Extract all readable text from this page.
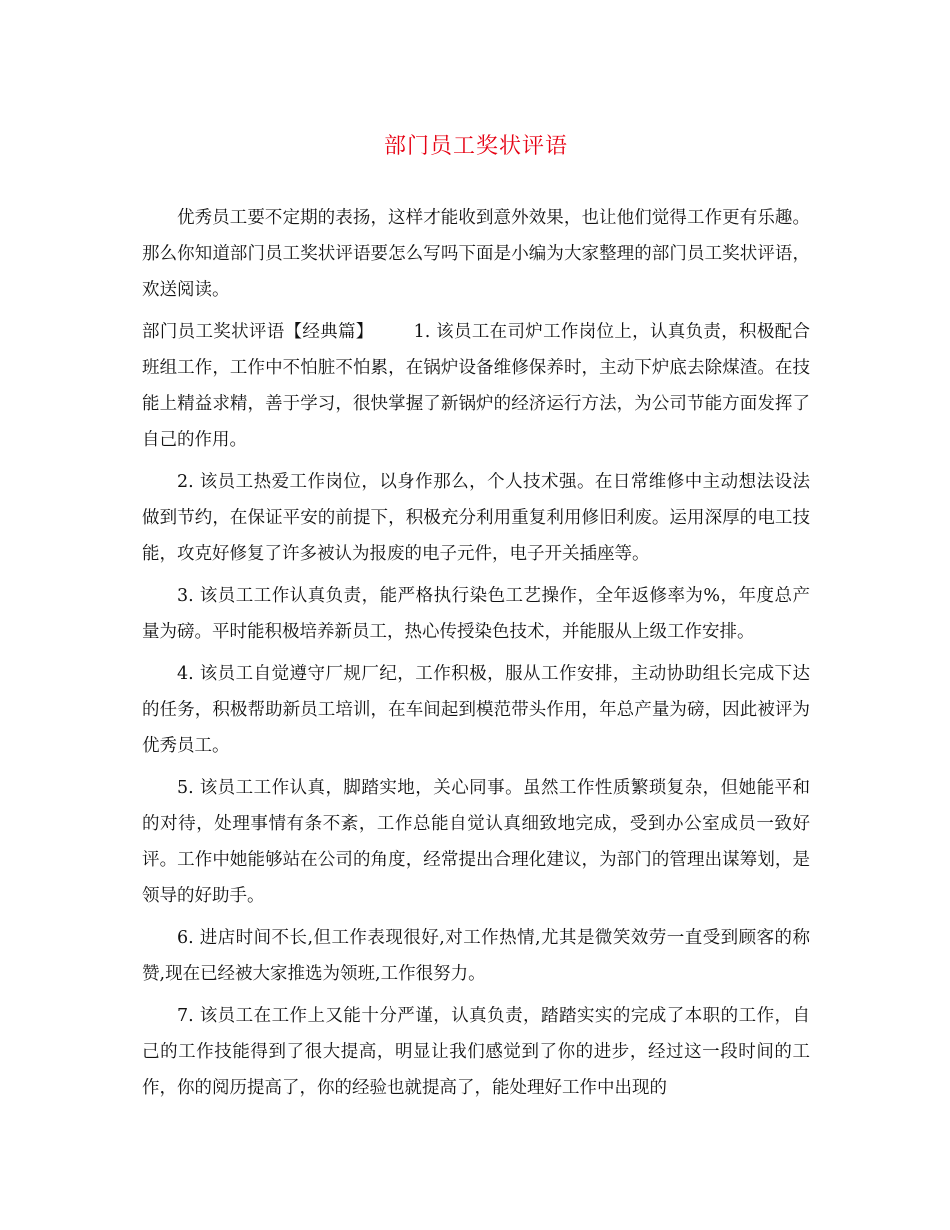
部门员工奖状评语

优秀员工要不定期的表扬，这样才能收到意外效果，也让他们觉得工作更有乐趣。那么你知道部门员工奖状评语要怎么写吗下面是小编为大家整理的部门员工奖状评语，欢送阅读。

部门员工奖状评语【经典篇】 1. 该员工在司炉工作岗位上，认真负责，积极配合班组工作，工作中不怕脏不怕累，在锅炉设备维修保养时，主动下炉底去除煤渣。在技能上精益求精，善于学习，很快掌握了新锅炉的经济运行方法，为公司节能方面发挥了自己的作用。

2. 该员工热爱工作岗位，以身作那么，个人技术强。在日常维修中主动想法设法做到节约，在保证平安的前提下，积极充分利用重复利用修旧利废。运用深厚的电工技能，攻克好修复了许多被认为报废的电子元件，电子开关插座等。

3. 该员工工作认真负责，能严格执行染色工艺操作，全年返修率为%，年度总产量为磅。平时能积极培养新员工，热心传授染色技术，并能服从上级工作安排。

4. 该员工自觉遵守厂规厂纪，工作积极，服从工作安排，主动协助组长完成下达的任务，积极帮助新员工培训，在车间起到模范带头作用，年总产量为磅，因此被评为优秀员工。

5. 该员工工作认真，脚踏实地，关心同事。虽然工作性质繁琐复杂，但她能平和的对待，处理事情有条不紊，工作总能自觉认真细致地完成，受到办公室成员一致好评。工作中她能够站在公司的角度，经常提出合理化建议，为部门的管理出谋筹划，是领导的好助手。

6. 进店时间不长,但工作表现很好,对工作热情,尤其是微笑效劳一直受到顾客的称赞,现在已经被大家推选为领班,工作很努力。

7. 该员工在工作上又能十分严谨，认真负责，踏踏实实的完成了本职的工作，自己的工作技能得到了很大提高，明显让我们感觉到了你的进步，经过这一段时间的工作，你的阅历提高了，你的经验也就提高了，能处理好工作中出现的
